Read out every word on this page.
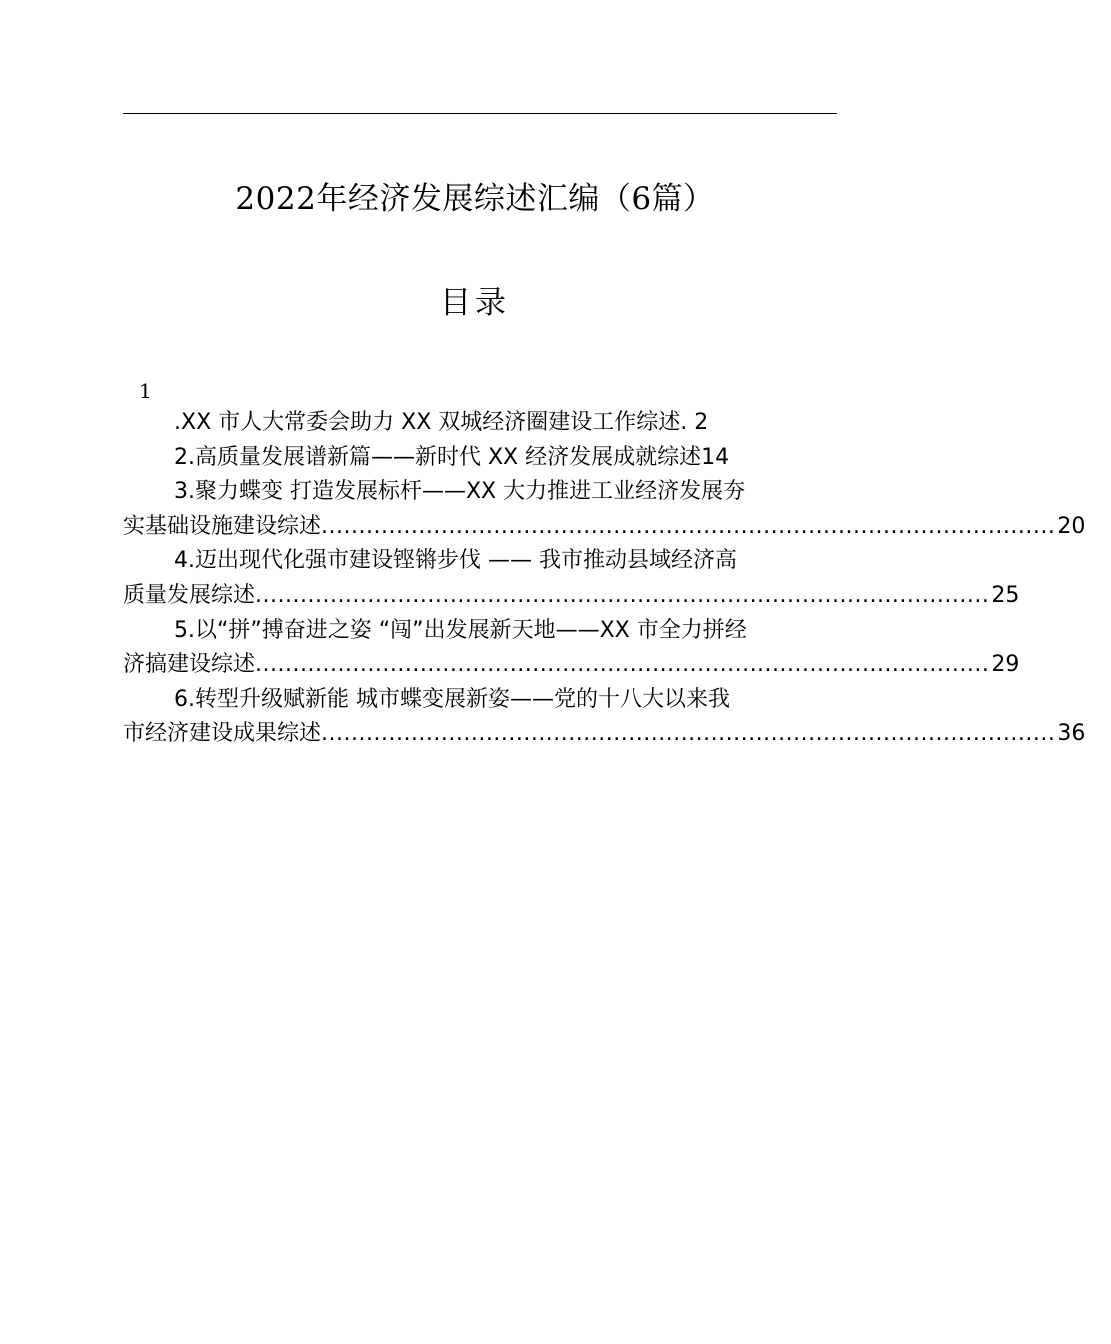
2022年经济发展综述汇编（6篇）
目录
1
.XX 市人大常委会助力 XX 双城经济圈建设工作综述. 2
2.高质量发展谱新篇——新时代 XX 经济发展成就综述14
3.聚力蝶变 打造发展标杆——XX 大力推进工业经济发展夯
实基础设施建设综述 .................................................................................................. 20
4.迈出现代化强市建设铿锵步伐 —— 我市推动县域经济高
质量发展综述 .................................................................................................. 25
5.以“拼”搏奋进之姿 “闯”出发展新天地——XX 市全力拼经
济搞建设综述 .................................................................................................. 29
6.转型升级赋新能 城市蝶变展新姿——党的十八大以来我
市经济建设成果综述 .................................................................................................. 36
